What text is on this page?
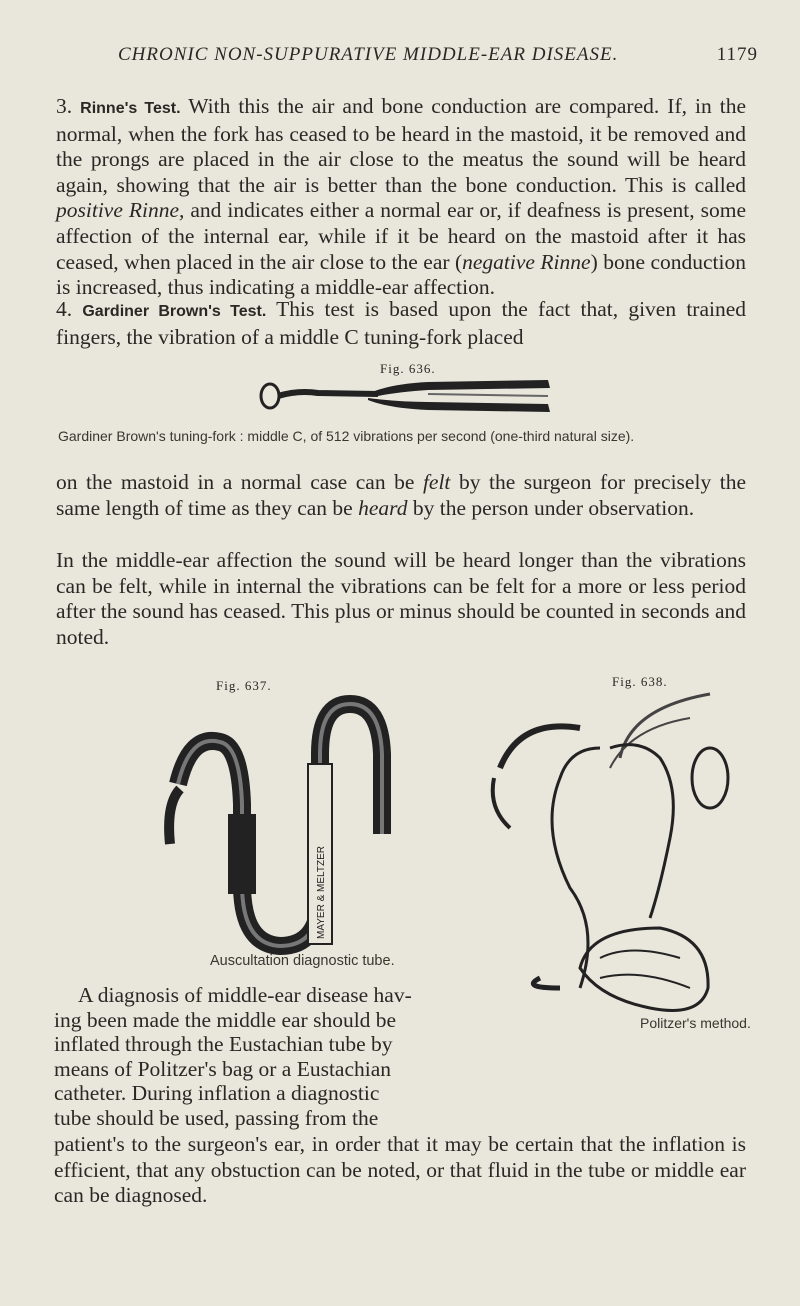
CHRONIC NON-SUPPURATIVE MIDDLE-EAR DISEASE.	1179

3. Rinne's Test. With this the air and bone conduction are compared. If, in the normal, when the fork has ceased to be heard in the mastoid, it be removed and the prongs are placed in the air close to the meatus the sound will be heard again, showing that the air is better than the bone conduction. This is called positive Rinne, and indicates either a normal ear or, if deafness is present, some affection of the internal ear, while if it be heard on the mastoid after it has ceased, when placed in the air close to the ear (negative Rinne) bone conduction is increased, thus indicating a middle-ear affection.

4. Gardiner Brown's Test. This test is based upon the fact that, given trained fingers, the vibration of a middle C tuning-fork placed

Fig. 636.
Gardiner Brown's tuning-fork : middle C, of 512 vibrations per second (one-third natural size).

on the mastoid in a normal case can be felt by the surgeon for precisely the same length of time as they can be heard by the person under observation.

In the middle-ear affection the sound will be heard longer than the vibrations can be felt, while in internal the vibrations can be felt for a more or less period after the sound has ceased. This plus or minus should be counted in seconds and noted.

Fig. 637.	Fig. 638.
MAYER & MELTZER
Auscultation diagnostic tube.
Politzer's method.
A diagnosis of middle-ear disease hav-
ing been made the middle ear should be
inflated through the Eustachian tube by
means of Politzer's bag or a Eustachian
catheter. During inflation a diagnostic
tube should be used, passing from the

patient's to the surgeon's ear, in order that it may be certain that the inflation is efficient, that any obstuction can be noted, or that fluid in the tube or middle ear can be diagnosed.
